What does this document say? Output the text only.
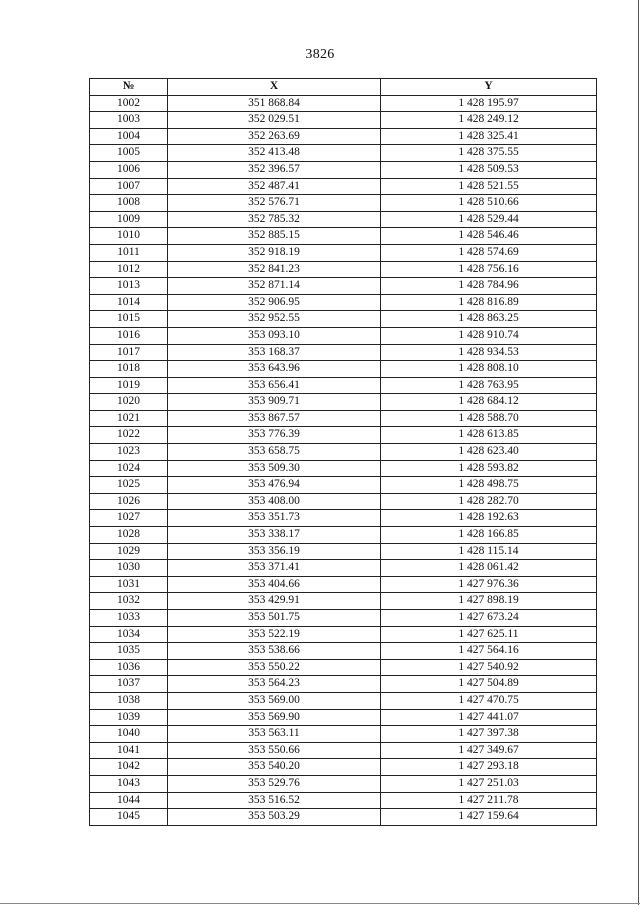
3826
№	X	Y
1002	351 868.84	1 428 195.97
1003	352 029.51	1 428 249.12
1004	352 263.69	1 428 325.41
1005	352 413.48	1 428 375.55
1006	352 396.57	1 428 509.53
1007	352 487.41	1 428 521.55
1008	352 576.71	1 428 510.66
1009	352 785.32	1 428 529.44
1010	352 885.15	1 428 546.46
1011	352 918.19	1 428 574.69
1012	352 841.23	1 428 756.16
1013	352 871.14	1 428 784.96
1014	352 906.95	1 428 816.89
1015	352 952.55	1 428 863.25
1016	353 093.10	1 428 910.74
1017	353 168.37	1 428 934.53
1018	353 643.96	1 428 808.10
1019	353 656.41	1 428 763.95
1020	353 909.71	1 428 684.12
1021	353 867.57	1 428 588.70
1022	353 776.39	1 428 613.85
1023	353 658.75	1 428 623.40
1024	353 509.30	1 428 593.82
1025	353 476.94	1 428 498.75
1026	353 408.00	1 428 282.70
1027	353 351.73	1 428 192.63
1028	353 338.17	1 428 166.85
1029	353 356.19	1 428 115.14
1030	353 371.41	1 428 061.42
1031	353 404.66	1 427 976.36
1032	353 429.91	1 427 898.19
1033	353 501.75	1 427 673.24
1034	353 522.19	1 427 625.11
1035	353 538.66	1 427 564.16
1036	353 550.22	1 427 540.92
1037	353 564.23	1 427 504.89
1038	353 569.00	1 427 470.75
1039	353 569.90	1 427 441.07
1040	353 563.11	1 427 397.38
1041	353 550.66	1 427 349.67
1042	353 540.20	1 427 293.18
1043	353 529.76	1 427 251.03
1044	353 516.52	1 427 211.78
1045	353 503.29	1 427 159.64
